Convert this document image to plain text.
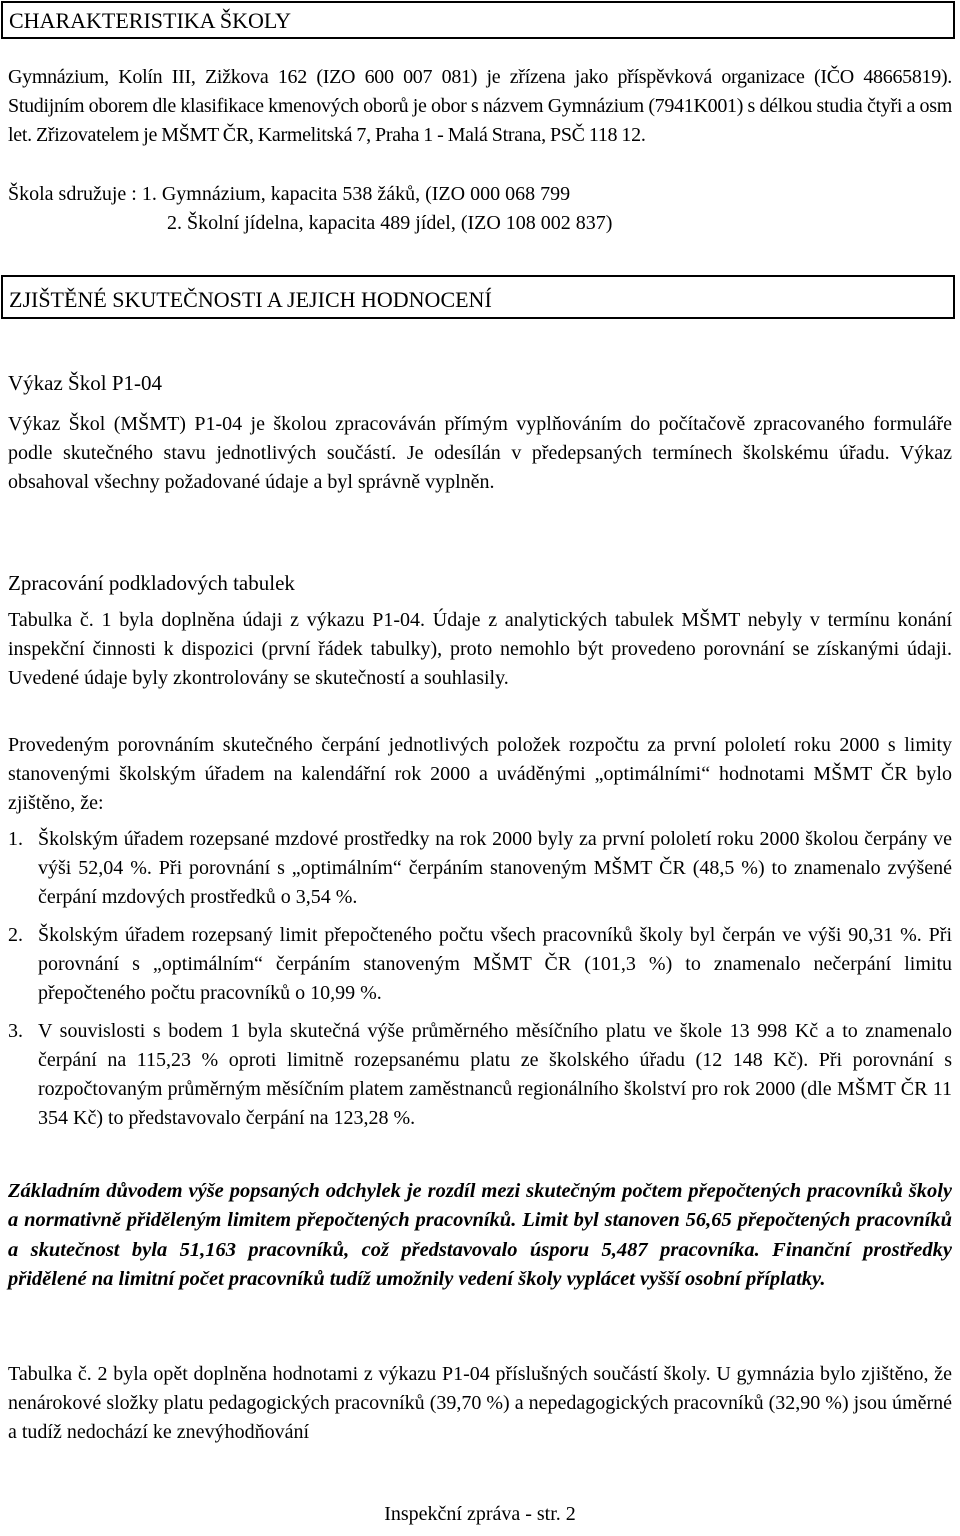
CHARAKTERISTIKA ŠKOLY

Gymnázium, Kolín III, Zižkova 162 (IZO 600 007 081) je zřízena jako příspěvková organizace (IČO 48665819). Studijním oborem dle klasifikace kmenových oborů je obor s názvem Gymnázium (7941K001) s délkou studia čtyři a osm let. Zřizovatelem je MŠMT ČR, Karmelitská 7, Praha 1 - Malá Strana, PSČ 118 12.

Škola sdružuje : 1. Gymnázium, kapacita 538 žáků, (IZO 000 068 799

2. Školní jídelna, kapacita 489 jídel, (IZO 108 002 837)

ZJIŠTĚNÉ SKUTEČNOSTI A JEJICH HODNOCENÍ

Výkaz Škol P1-04

Výkaz Škol (MŠMT) P1-04 je školou zpracováván přímým vyplňováním do počítačově zpracovaného formuláře podle skutečného stavu jednotlivých součástí. Je odesílán v předepsaných termínech školskému úřadu. Výkaz obsahoval všechny požadované údaje a byl správně vyplněn.

Zpracování podkladových tabulek

Tabulka č. 1 byla doplněna údaji z výkazu P1-04. Údaje z analytických tabulek MŠMT nebyly v termínu konání inspekční činnosti k dispozici (první řádek tabulky), proto nemohlo být provedeno porovnání se získanými údaji. Uvedené údaje byly zkontrolovány se skutečností a souhlasily.

Provedeným porovnáním skutečného čerpání jednotlivých položek rozpočtu za první pololetí roku 2000 s limity stanovenými školským úřadem na kalendářní rok 2000 a uváděnými „optimálními“ hodnotami MŠMT ČR bylo zjištěno, že:

1. Školským úřadem rozepsané mzdové prostředky na rok 2000 byly za první pololetí roku 2000 školou čerpány ve výši 52,04 %. Při porovnání s „optimálním“ čerpáním stanoveným MŠMT ČR (48,5 %) to znamenalo zvýšené čerpání mzdových prostředků o 3,54 %.
2. Školským úřadem rozepsaný limit přepočteného počtu všech pracovníků školy byl čerpán ve výši 90,31 %. Při porovnání s „optimálním“ čerpáním stanoveným MŠMT ČR (101,3 %) to znamenalo nečerpání limitu přepočteného počtu pracovníků o 10,99 %.
3. V souvislosti s bodem 1 byla skutečná výše průměrného měsíčního platu ve škole 13 998 Kč a to znamenalo čerpání na 115,23 % oproti limitně rozepsanému platu ze školského úřadu (12 148 Kč). Při porovnání s rozpočtovaným průměrným měsíčním platem zaměstnanců regionálního školství pro rok 2000 (dle MŠMT ČR 11 354 Kč) to představovalo čerpání na 123,28 %.

Základním důvodem výše popsaných odchylek je rozdíl mezi skutečným počtem přepočtených pracovníků školy a normativně přiděleným limitem přepočtených pracovníků. Limit byl stanoven 56,65 přepočtených pracovníků a skutečnost byla 51,163 pracovníků, což představovalo úsporu 5,487 pracovníka. Finanční prostředky přidělené na limitní počet pracovníků tudíž umožnily vedení školy vyplácet vyšší osobní příplatky.

Tabulka č. 2 byla opět doplněna hodnotami z výkazu P1-04 příslušných součástí školy. U gymnázia bylo zjištěno, že nenárokové složky platu pedagogických pracovníků (39,70 %) a nepedagogických pracovníků (32,90 %) jsou úměrné a tudíž nedochází ke znevýhodňování

Inspekční zpráva - str. 2
